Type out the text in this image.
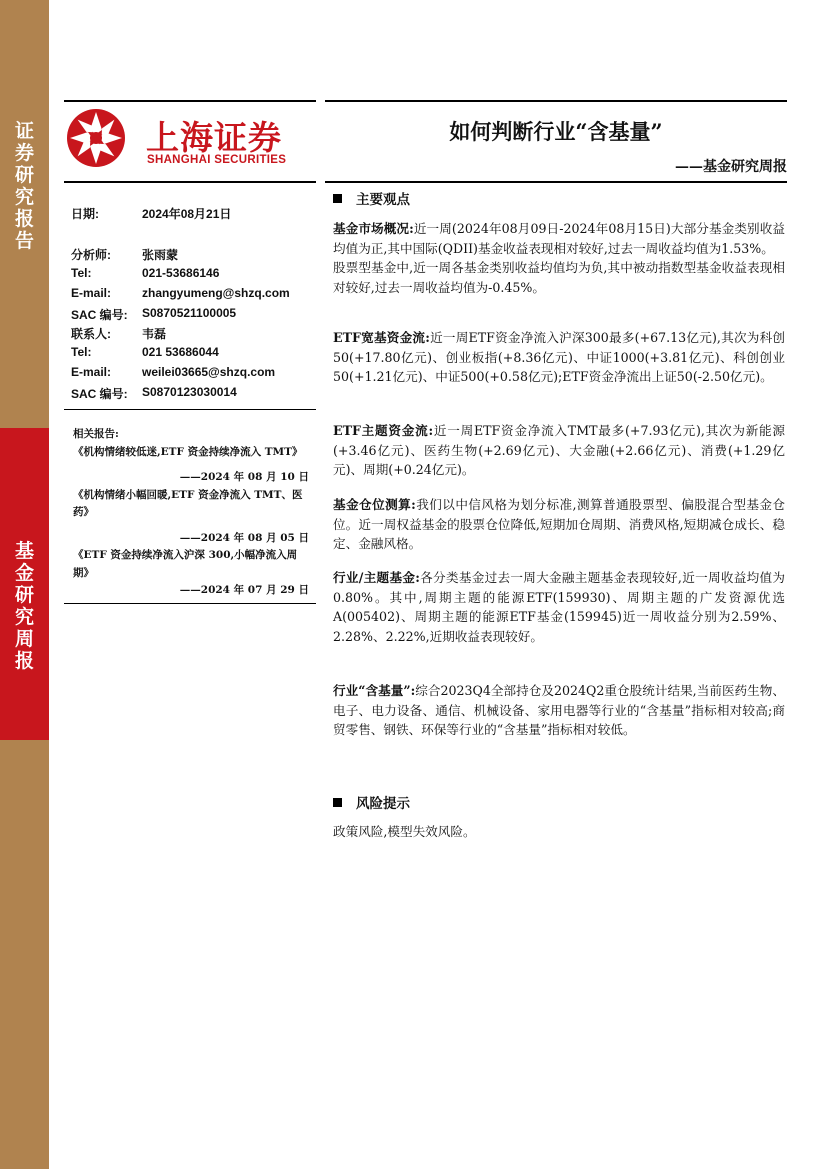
证
券
研
究
报
告
基
金
研
究
周
报
上海证券
SHANGHAI SECURITIES
如何判断行业“含基量”
——基金研究周报
日期:	2024年08月21日
分析师:	张雨蒙
Tel:	021-53686146
E-mail:	zhangyumeng@shzq.com
SAC 编号: S0870521100005
联系人:	韦磊
Tel:	021 53686044
E-mail:	weilei03665@shzq.com
SAC 编号: S0870123030014
相关报告:
《机构情绪较低迷,ETF 资金持续净流入 TMT》
——2024 年 08 月 10 日
《机构情绪小幅回暖,ETF 资金净流入 TMT、医药》
——2024 年 08 月 05 日
《ETF 资金持续净流入沪深 300,小幅净流入周期》
——2024 年 07 月 29 日
主要观点
基金市场概况:近一周(2024年08月09日-2024年08月15日)大部分基金类别收益均值为正,其中国际(QDII)基金收益表现相对较好,过去一周收益均值为1.53%。
股票型基金中,近一周各基金类别收益均值均为负,其中被动指数型基金收益表现相对较好,过去一周收益均值为-0.45%。
ETF宽基资金流:近一周ETF资金净流入沪深300最多(+67.13亿元),其次为科创50(+17.80亿元)、创业板指(+8.36亿元)、中证1000(+3.81亿元)、科创创业50(+1.21亿元)、中证500(+0.58亿元);ETF资金净流出上证50(-2.50亿元)。
ETF主题资金流:近一周ETF资金净流入TMT最多(+7.93亿元),其次为新能源(+3.46亿元)、医药生物(+2.69亿元)、大金融(+2.66亿元)、消费(+1.29亿元)、周期(+0.24亿元)。
基金仓位测算:我们以中信风格为划分标准,测算普通股票型、偏股混合型基金仓位。近一周权益基金的股票仓位降低,短期加仓周期、消费风格,短期减仓成长、稳定、金融风格。
行业/主题基金:各分类基金过去一周大金融主题基金表现较好,近一周收益均值为0.80%。其中,周期主题的能源ETF(159930)、周期主题的广发资源优选A(005402)、周期主题的能源ETF基金(159945)近一周收益分别为2.59%、2.28%、2.22%,近期收益表现较好。
行业“含基量”:综合2023Q4全部持仓及2024Q2重仓股统计结果,当前医药生物、电子、电力设备、通信、机械设备、家用电器等行业的“含基量”指标相对较高;商贸零售、钢铁、环保等行业的“含基量”指标相对较低。
风险提示
政策风险,模型失效风险。
